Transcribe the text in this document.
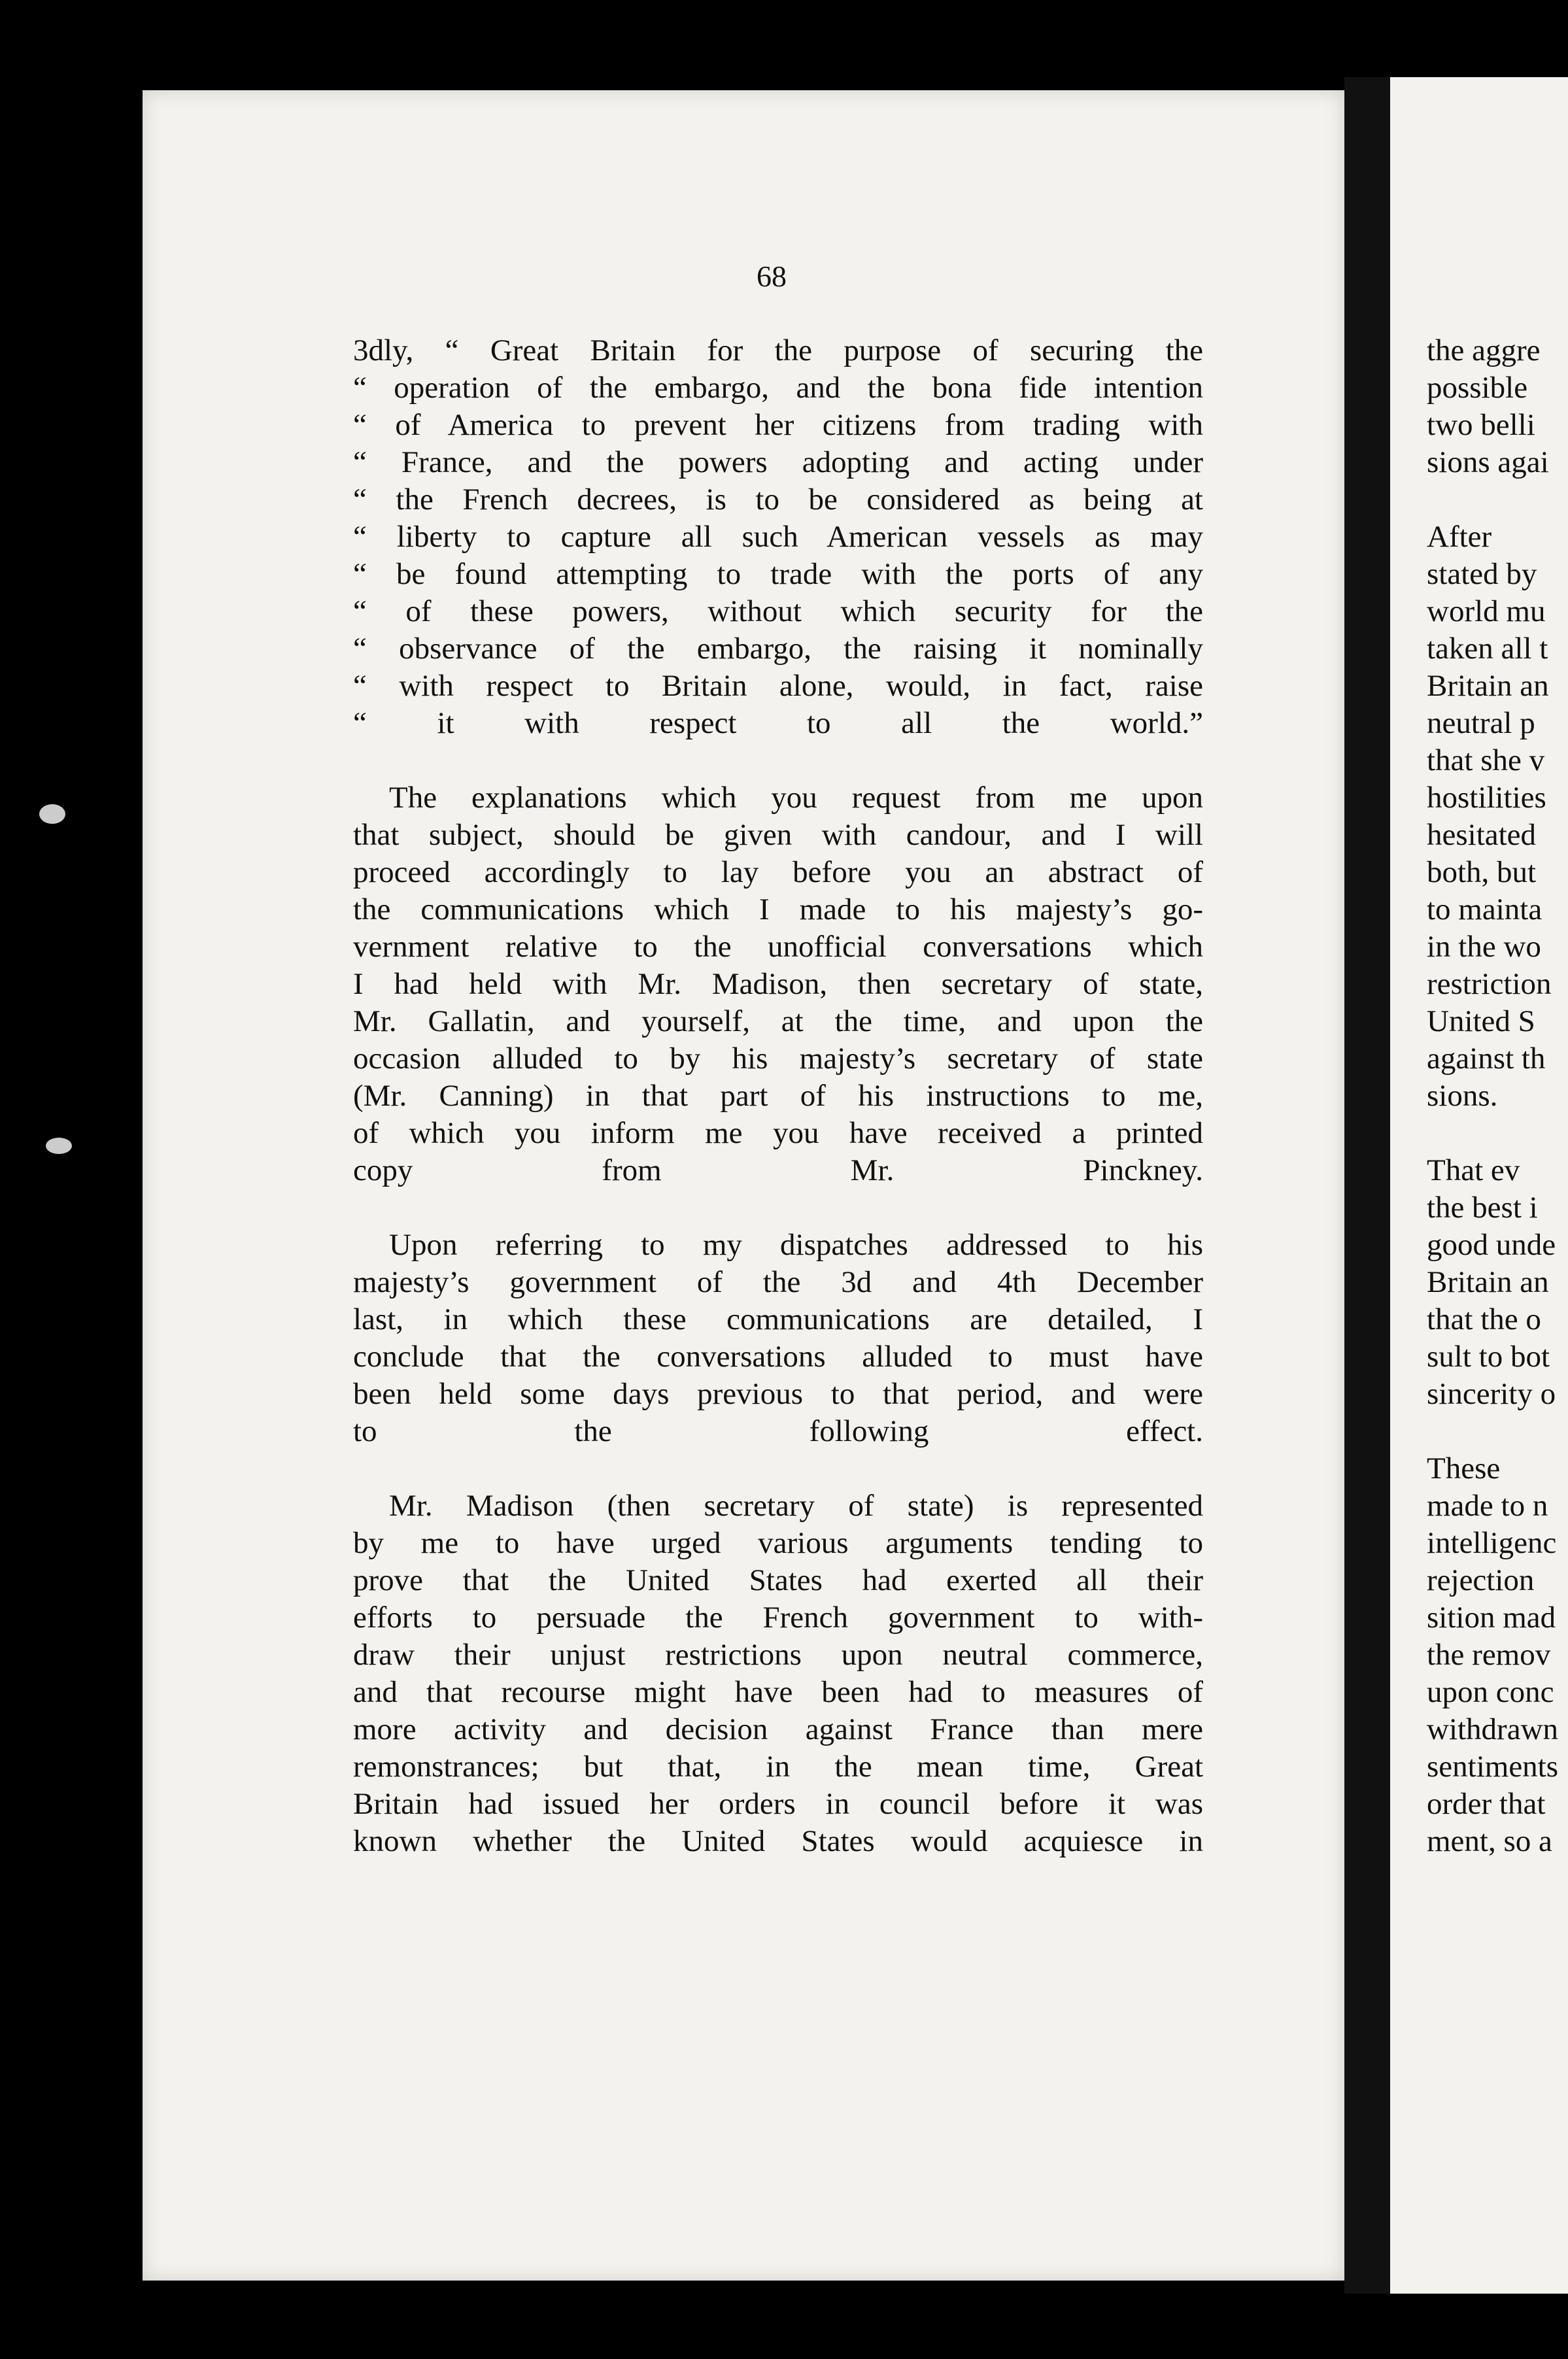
68

3dly, “ Great Britain for the purpose of securing the
“ operation of the embargo, and the bona fide intention
“ of America to prevent her citizens from trading with
“ France, and the powers adopting and acting under
“ the French decrees, is to be considered as being at
“ liberty to capture all such American vessels as may
“ be found attempting to trade with the ports of any
“ of these powers, without which security for the
“ observance of the embargo, the raising it nominally
“ with respect to Britain alone, would, in fact, raise
“ it with respect to all the world.”

The explanations which you request from me upon
that subject, should be given with candour, and I will
proceed accordingly to lay before you an abstract of
the communications which I made to his majesty’s go-
vernment relative to the unofficial conversations which
I had held with Mr. Madison, then secretary of state,
Mr. Gallatin, and yourself, at the time, and upon the
occasion alluded to by his majesty’s secretary of state
(Mr. Canning) in that part of his instructions to me,
of which you inform me you have received a printed
copy from Mr. Pinckney.

Upon referring to my dispatches addressed to his
majesty’s government of the 3d and 4th December
last, in which these communications are detailed, I
conclude that the conversations alluded to must have
been held some days previous to that period, and were
to the following effect.

Mr. Madison (then secretary of state) is represented
by me to have urged various arguments tending to
prove that the United States had exerted all their
efforts to persuade the French government to with-
draw their unjust restrictions upon neutral commerce,
and that recourse might have been had to measures of
more activity and decision against France than mere
remonstrances; but that, in the mean time, Great
Britain had issued her orders in council before it was
known whether the United States would acquiesce in

the aggre
possible
two belli
sions agai
After
stated by
world mu
taken all t
Britain an
neutral p
that she v
hostilities
hesitated
both, but
to mainta
in the wo
restriction
United S
against th
sions.
That ev
the best i
good unde
Britain an
that the o
sult to bot
sincerity o
These
made to n
intelligenc
rejection
sition mad
the remov
upon conc
withdrawn
sentiments
order that
ment, so a
